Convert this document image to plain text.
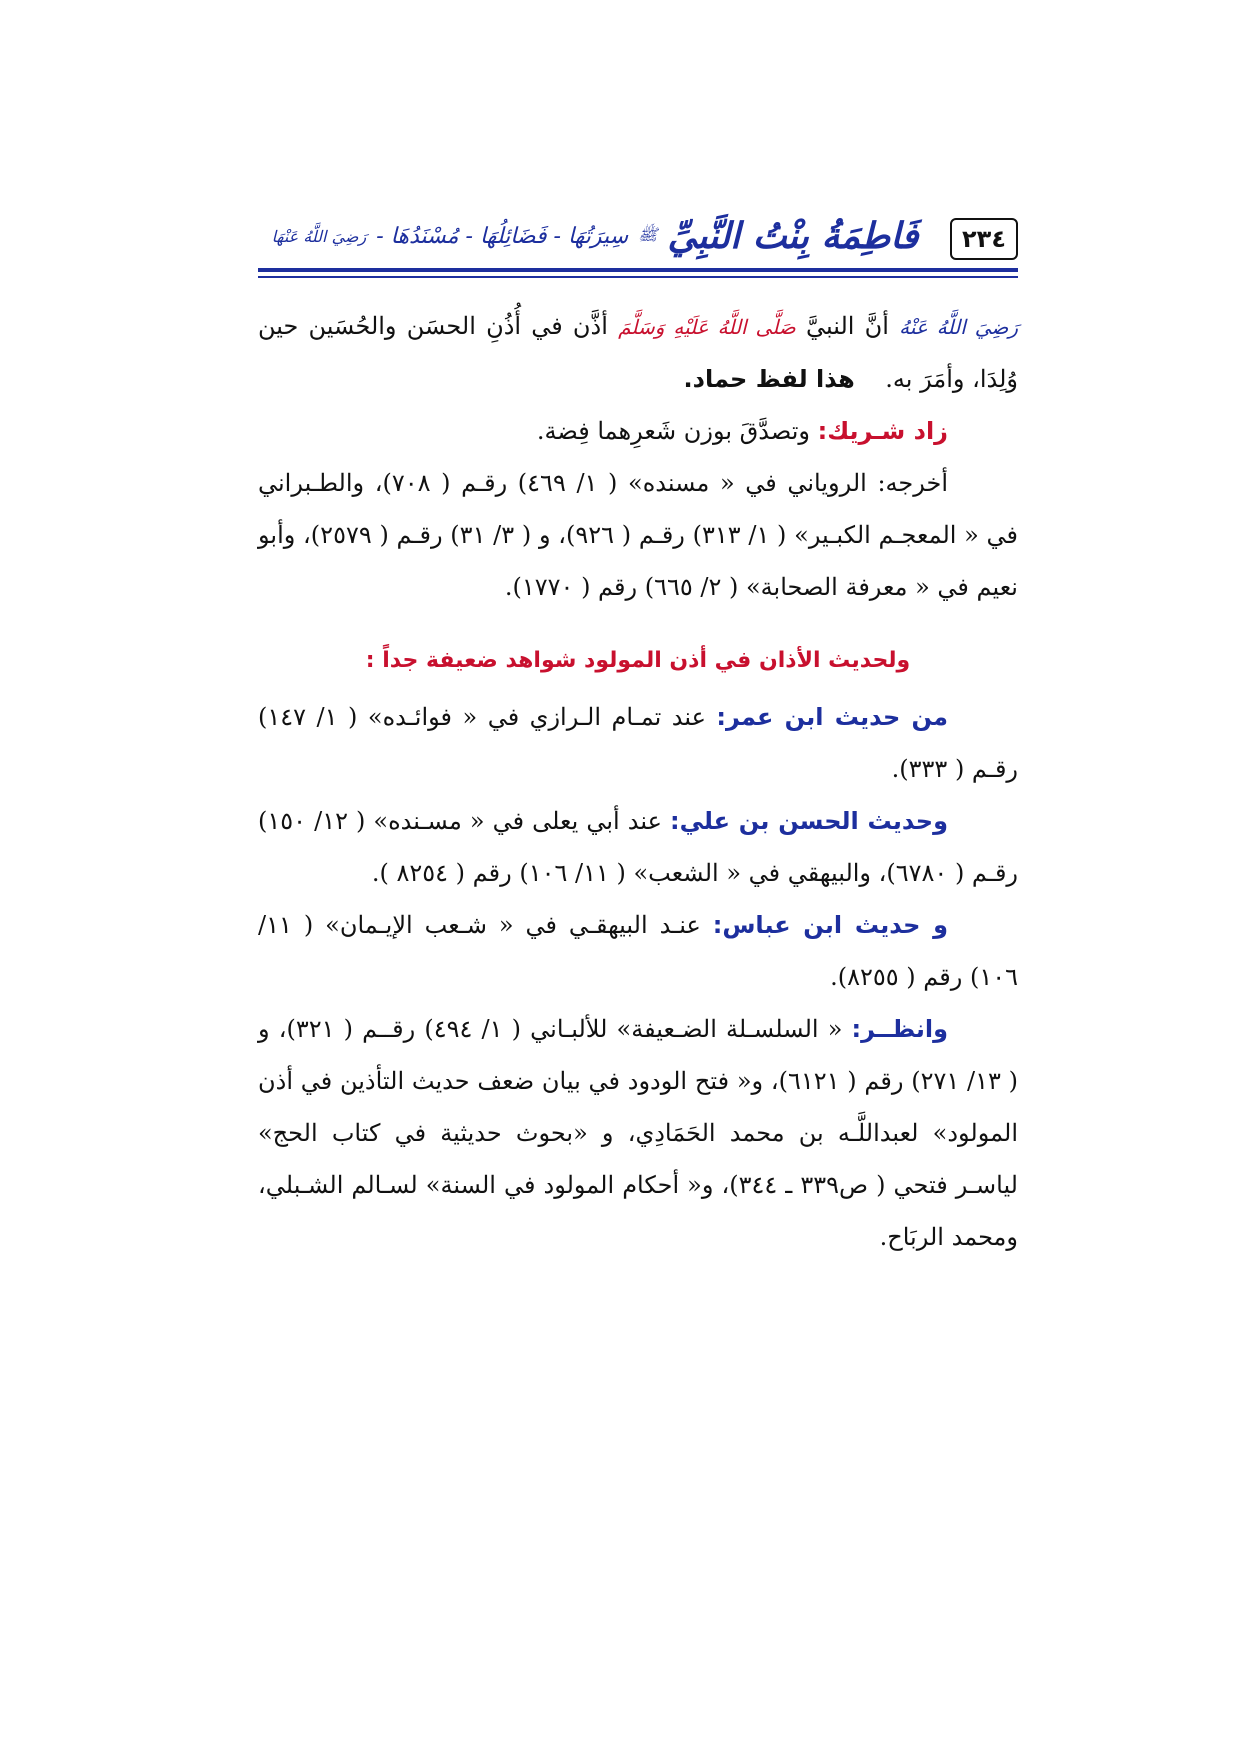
٢٣٤
فَاطِمَةُ بِنْتُ النَّبِيِّ
ﷺ
سِيرَتُهَا - فَضَائِلُهَا - مُسْنَدُهَا -
رَضِيَ اللَّهُ عَنْهَا

رَضِيَ اللَّهُ عَنْهُ أنَّ النبيَّ صَلَّى اللَّهُ عَلَيْهِ وَسَلَّمَ أذَّن في أُذُنِ الحسَن والحُسَين حين وُلِدَا، وأمَرَ به.    هذا لفظ حماد.

زاد شـريك: وتصدَّقَ بوزن شَعرِهما فِضة.

أخرجه: الروياني في « مسنده» ( ١/ ٤٦٩) رقـم ( ٧٠٨)، والطـبراني في « المعجـم الكبـير» ( ١/ ٣١٣) رقـم ( ٩٢٦)، و ( ٣/ ٣١) رقـم ( ٢٥٧٩)، وأبو نعيم في « معرفة الصحابة» ( ٢/ ٦٦٥) رقم ( ١٧٧٠).

ولحديث الأذان في أذن المولود شواهد ضعيفة جداً :

من حديث ابن عمر: عند تمـام الـرازي في « فوائـده» ( ١/ ١٤٧) رقـم ( ٣٣٣).

وحديث الحسن بن علي: عند أبي يعلى في « مسـنده» ( ١٢/ ١٥٠) رقـم ( ٦٧٨٠)، والبيهقي في « الشعب» ( ١١/ ١٠٦) رقم ( ٨٢٥٤ ).

و حديث ابن عباس: عنـد البيهقـي في « شـعب الإيـمان» ( ١١/ ١٠٦) رقم ( ٨٢٥٥).

وانظــر: « السلسـلة الضـعيفة» للألبـاني ( ١/ ٤٩٤) رقــم ( ٣٢١)، و ( ١٣/ ٢٧١) رقم ( ٦١٢١)، و« فتح الودود في بيان ضعف حديث التأذين في أذن المولود» لعبداللَّـه بن محمد الحَمَادِي، و «بحوث حديثية في كتاب الحج» لياسـر فتحي ( ص٣٣٩ ـ ٣٤٤)، و« أحكام المولود في السنة» لسـالم الشـبلي، ومحمد الربَاح.
